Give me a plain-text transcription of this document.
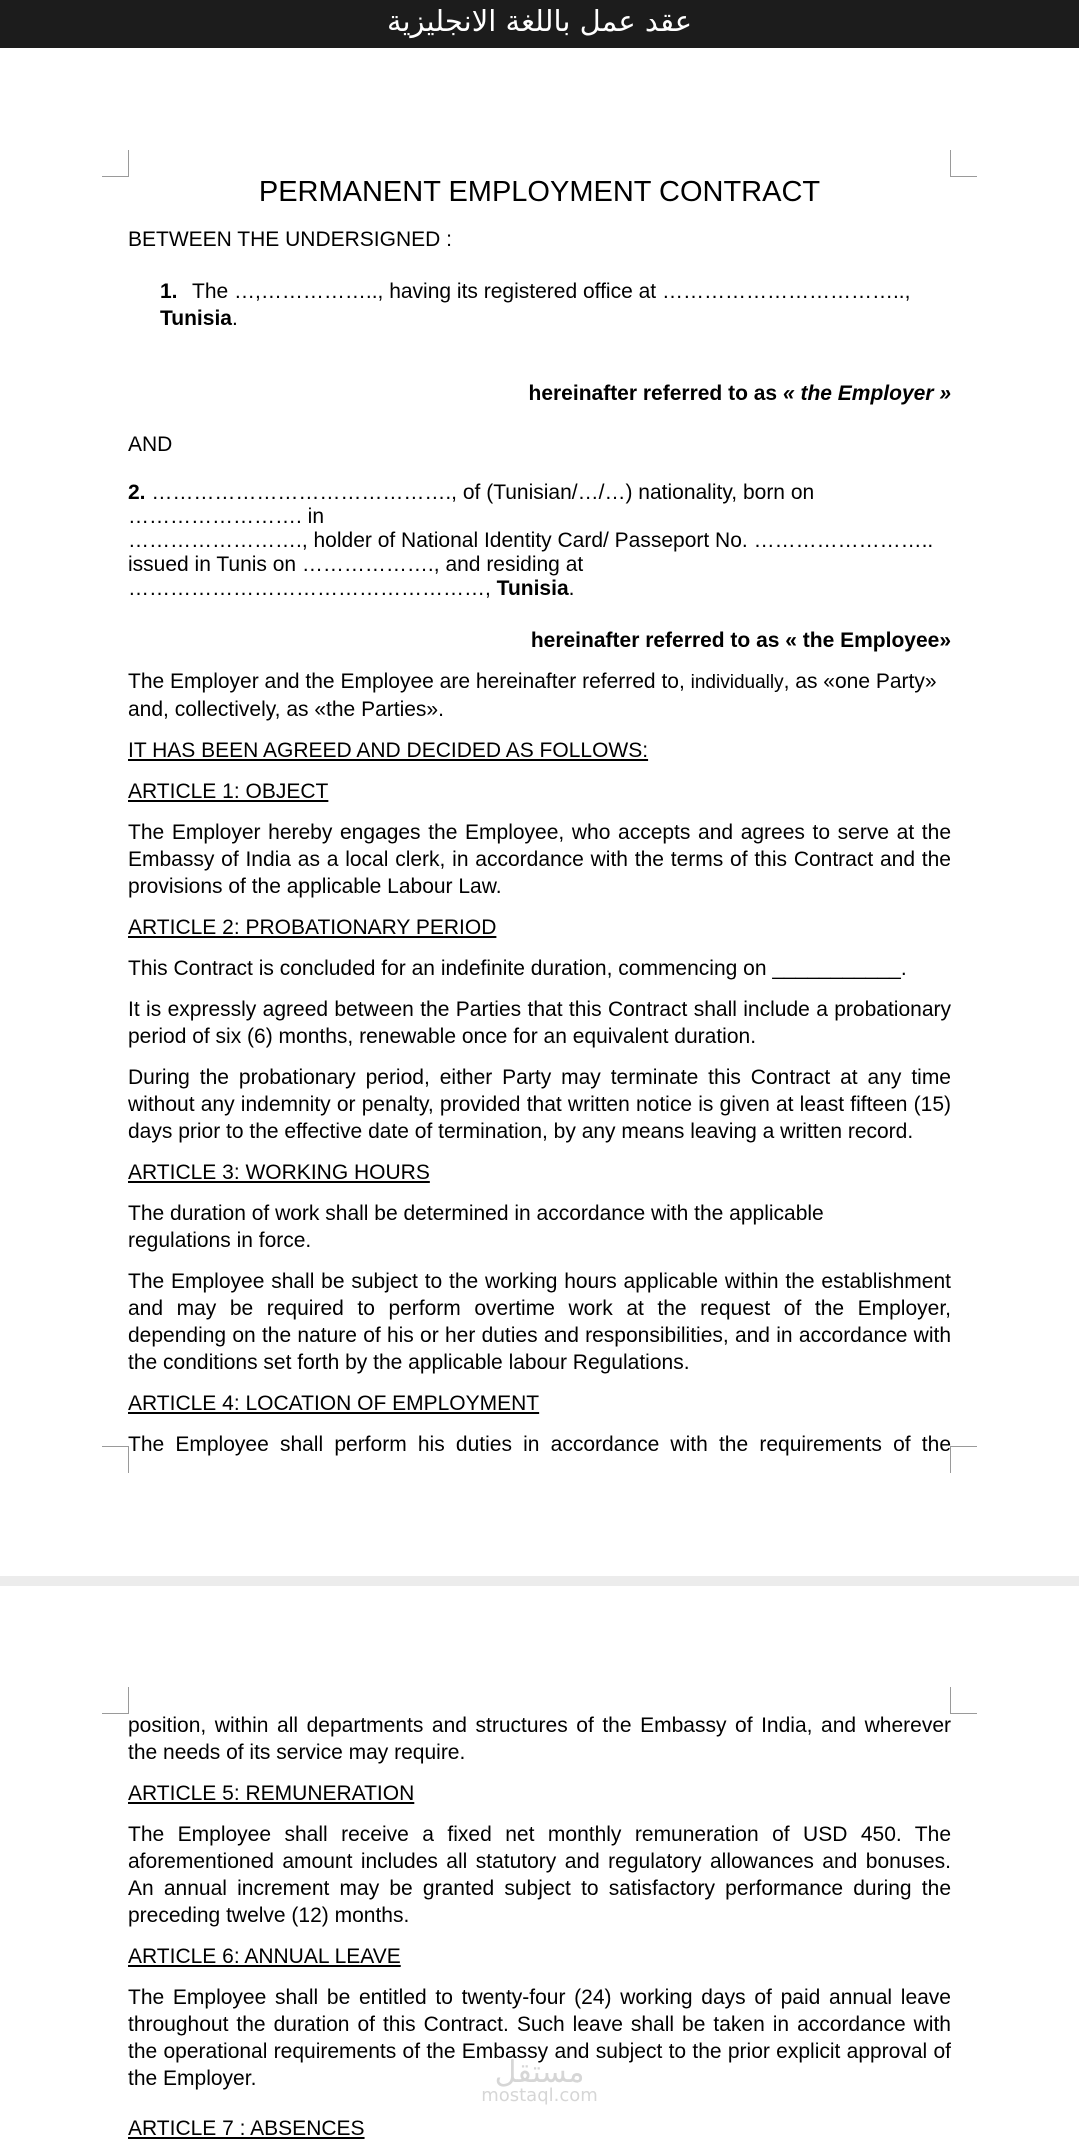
عقد عمل باللغة الانجليزية
PERMANENT EMPLOYMENT CONTRACT

BETWEEN THE UNDERSIGNED :

1. The …,…………….., having its registered office at …………………………….., Tunisia.

hereinafter referred to as « the Employer »

AND

2. ……………………………………., of (Tunisian/…/…) nationality, born on ……………………. in
……………………., holder of National Identity Card/ Passeport No. ……………………..
issued in Tunis on ………………., and residing at ……………………………………………, Tunisia.

hereinafter referred to as « the Employee»

The Employer and the Employee are hereinafter referred to, individually, as «one Party» and, collectively, as «the Parties».

IT HAS BEEN AGREED AND DECIDED AS FOLLOWS:

ARTICLE 1: OBJECT

The Employer hereby engages the Employee, who accepts and agrees to serve at the Embassy of India as a local clerk, in accordance with the terms of this Contract and the provisions of the applicable Labour Law.

ARTICLE 2: PROBATIONARY PERIOD

This Contract is concluded for an indefinite duration, commencing on ___________.

It is expressly agreed between the Parties that this Contract shall include a probationary period of six (6) months, renewable once for an equivalent duration.

During the probationary period, either Party may terminate this Contract at any time without any indemnity or penalty, provided that written notice is given at least fifteen (15) days prior to the effective date of termination, by any means leaving a written record.

ARTICLE 3: WORKING HOURS

The duration of work shall be determined in accordance with the applicable regulations in force.

The Employee shall be subject to the working hours applicable within the establishment and may be required to perform overtime work at the request of the Employer, depending on the nature of his or her duties and responsibilities, and in accordance with the conditions set forth by the applicable labour Regulations.

ARTICLE 4: LOCATION OF EMPLOYMENT

The Employee shall perform his duties in accordance with the requirements of the

position, within all departments and structures of the Embassy of India, and wherever the needs of its service may require.

ARTICLE 5: REMUNERATION

The Employee shall receive a fixed net monthly remuneration of USD 450. The aforementioned amount includes all statutory and regulatory allowances and bonuses. An annual increment may be granted subject to satisfactory performance during the preceding twelve (12) months.

ARTICLE 6: ANNUAL LEAVE

The Employee shall be entitled to twenty-four (24) working days of paid annual leave throughout the duration of this Contract. Such leave shall be taken in accordance with the operational requirements of the Embassy and subject to the prior explicit approval of the Employer.

ARTICLE 7 : ABSENCES

مستقل
mostaql.com
